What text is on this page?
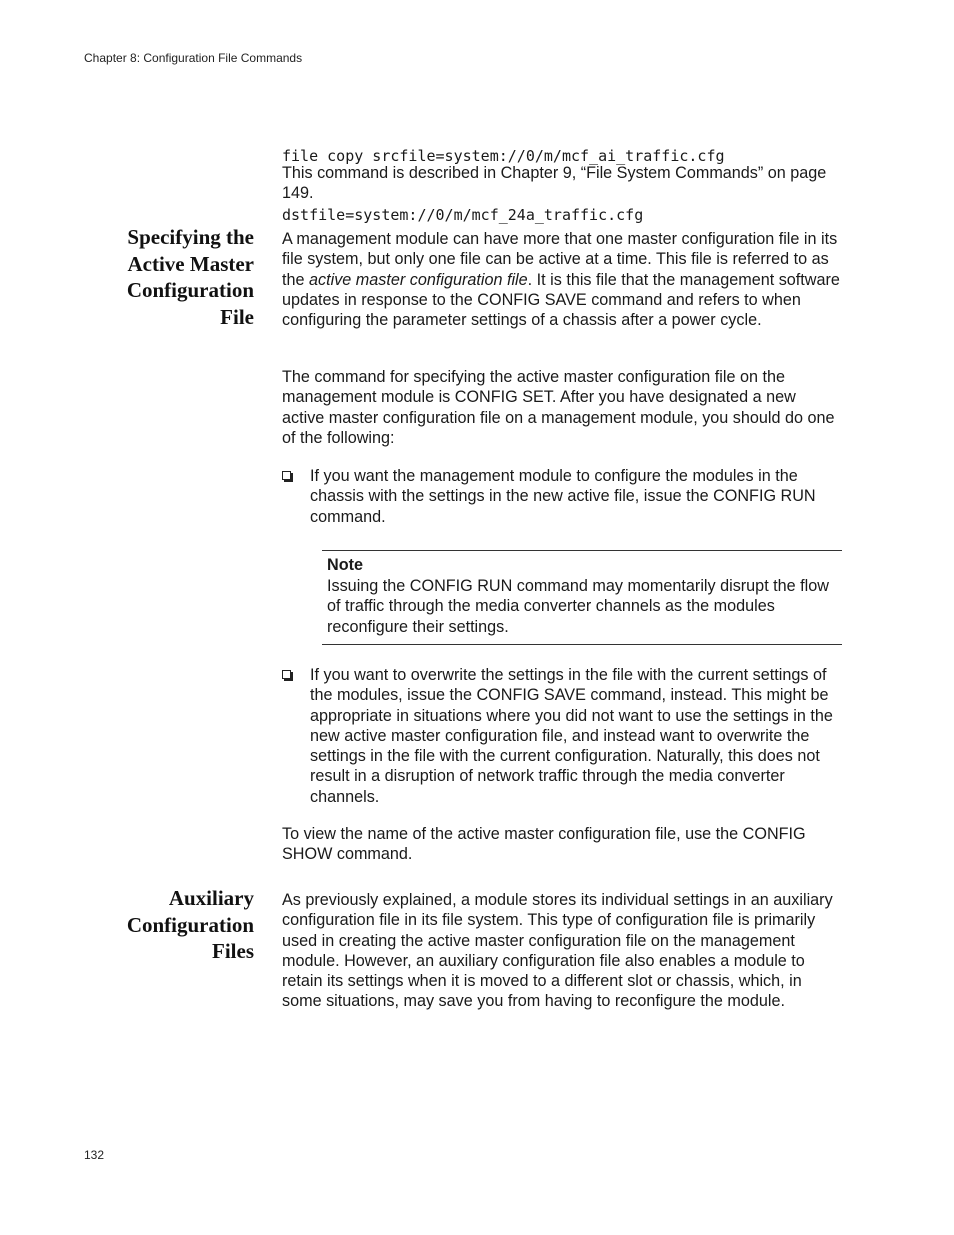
Chapter 8: Configuration File Commands

file copy srcfile=system://0/m/mcf_ai_traffic.cfg

dstfile=system://0/m/mcf_24a_traffic.cfg

This command is described in Chapter 9, “File System Commands” on page 149.

Specifying the
Active Master
Configuration
File

A management module can have more that one master configuration file in its file system, but only one file can be active at a time. This file is referred to as the active master configuration file. It is this file that the management software updates in response to the CONFIG SAVE command and refers to when configuring the parameter settings of a chassis after a power cycle.

The command for specifying the active master configuration file on the management module is CONFIG SET. After you have designated a new active master configuration file on a management module, you should do one of the following:

If you want the management module to configure the modules in the chassis with the settings in the new active file, issue the CONFIG RUN command.
Note
Issuing the CONFIG RUN command may momentarily disrupt the flow of traffic through the media converter channels as the modules reconfigure their settings.
If you want to overwrite the settings in the file with the current settings of the modules, issue the CONFIG SAVE command, instead. This might be appropriate in situations where you did not want to use the settings in the new active master configuration file, and instead want to overwrite the settings in the file with the current configuration. Naturally, this does not result in a disruption of network traffic through the media converter channels.

To view the name of the active master configuration file, use the CONFIG SHOW command.

Auxiliary
Configuration
Files

As previously explained, a module stores its individual settings in an auxiliary configuration file in its file system. This type of configuration file is primarily used in creating the active master configuration file on the management module. However, an auxiliary configuration file also enables a module to retain its settings when it is moved to a different slot or chassis, which, in some situations, may save you from having to reconfigure the module.

132
